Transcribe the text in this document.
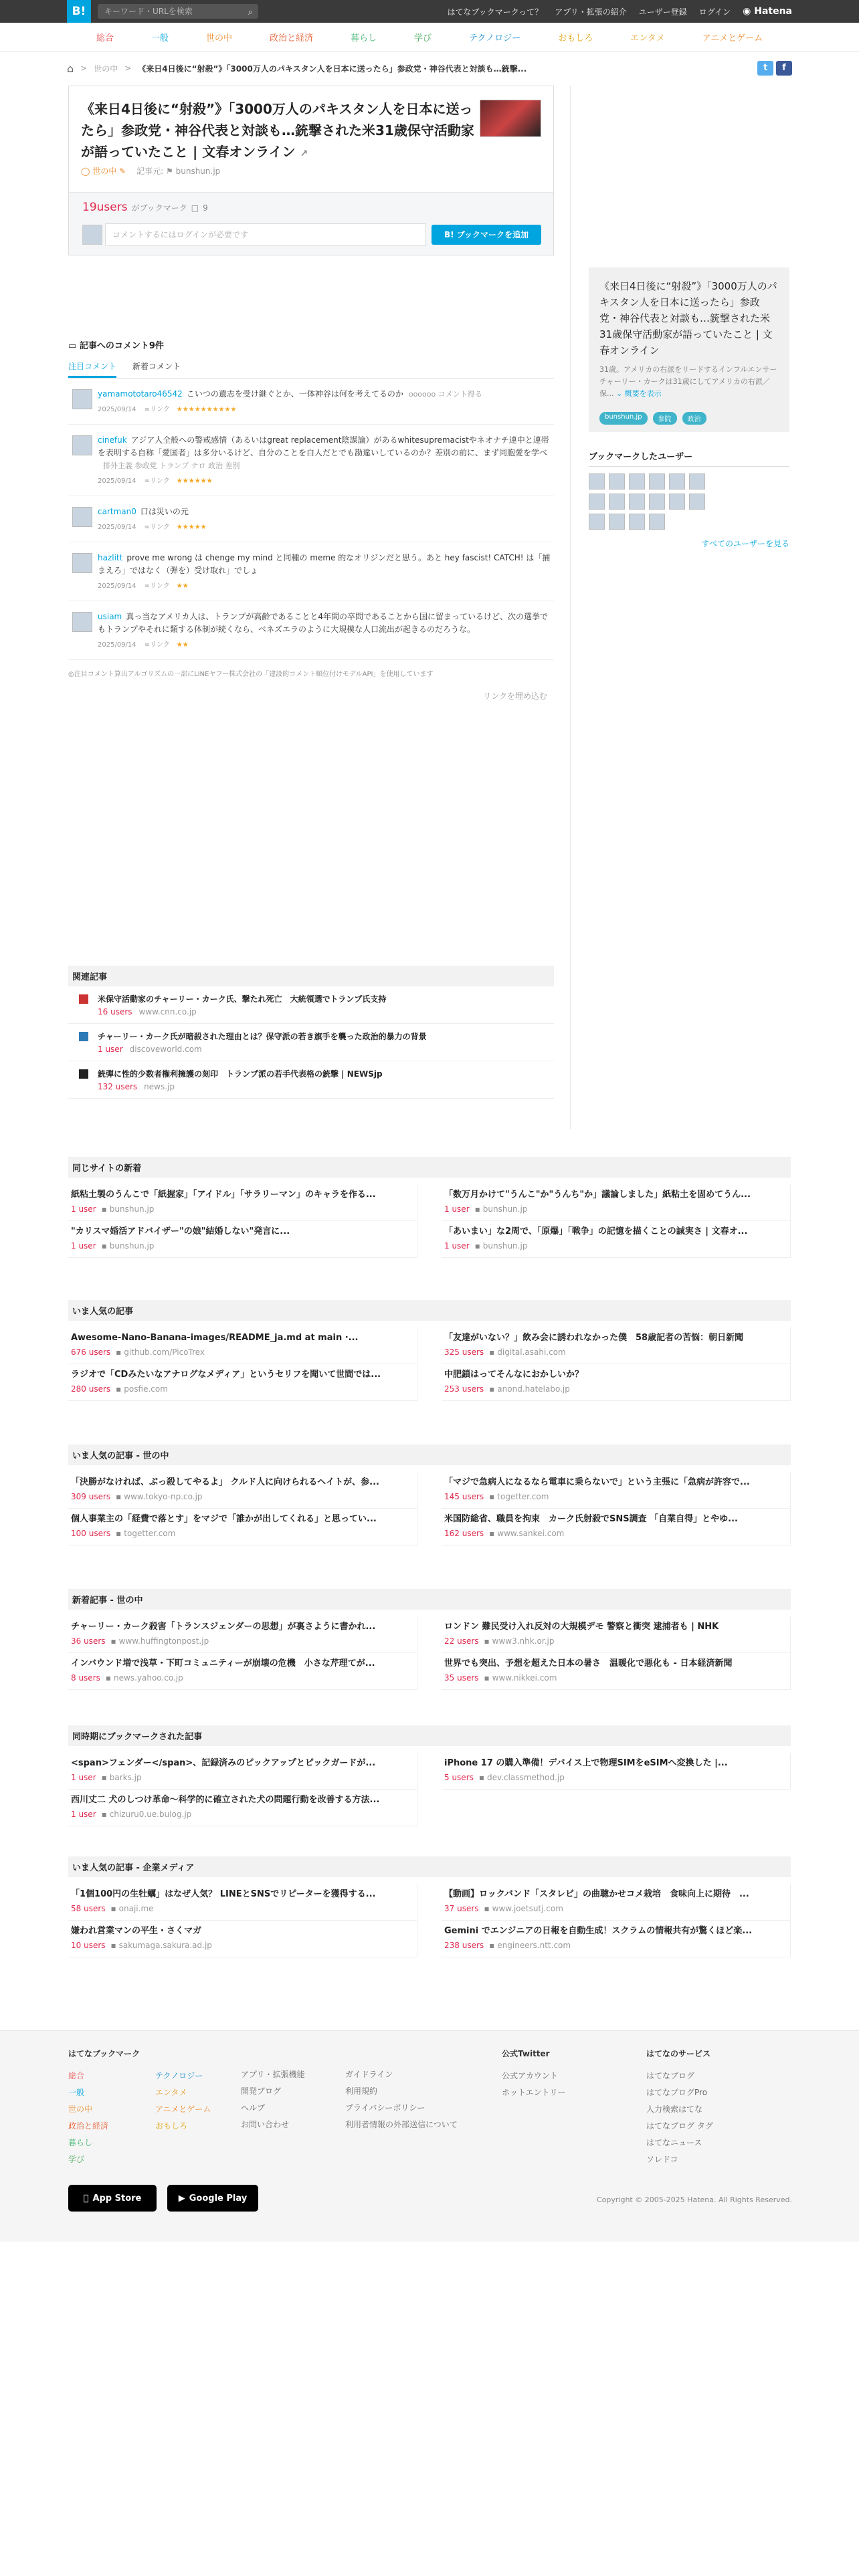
B!	キーワード・URLを検索	⌕	はてなブックマークって？ アプリ・拡張の紹介 ユーザー登録 ログイン ◉ Hatena
総合	一般	世の中	政治と経済	暮らし	学び	テクノロジー	おもしろ	エンタメ	アニメとゲーム
⌂ > 世の中 > 《来日4日後に“射殺”》「3000万人のパキスタン人を日本に送ったら」参政党・神谷代表と対談も…銃撃...	t f
《来日4日後に“射殺”》「3000万人のパキスタン人を日本に送ったら」参政党・神谷代表と対談も…銃撃された米31歳保守活動家が語っていたこと | 文春オンライン ↗
◯ 世の中 ✎ 記事元: ⚑ bunshun.jp
19users がブックマーク □ 9
コメントするにはログインが必要です	B! ブックマークを追加
《来日4日後に“射殺”》「3000万人のパキスタン人を日本に送ったら」参政党・神谷代表と対談も…銃撃された米31歳保守活動家が語っていたこと | 文春オンライン
31歳。アメリカの右派をリードするインフルエンサー チャーリー・カークは31歳にしてアメリカの右派／保... ⌄ 概要を表示
bunshun.jp	参院	政治
ブックマークしたユーザー
すべてのユーザーを見る
▭ 記事へのコメント9件
注目コメント 新着コメント
yamamototaro46542 こいつの遺志を受け継ぐとか、一体神谷は何を考えてるのか oooooo コメント得る
2025/09/14 ∞リンク ★★★★★★★★★★
cinefuk アジア人全般への警戒感情（あるいはgreat replacement陰謀論）があるwhitesupremacistやネオナチ連中と連帯を表明する自称「愛国者」は多分いるけど、自分のことを白人だとでも勘違いしているのか？差別の前に、まず同胞愛を学べ排外主義 参政党 トランプ テロ 政治 差別
2025/09/14 ∞リンク ★★★★★★
cartman0 口は災いの元
2025/09/14 ∞リンク ★★★★★
hazlitt prove me wrong は chenge my mind と同種の meme 的なオリジンだと思う。あと hey fascist! CATCH! は「捕まえろ」ではなく（弾を）受け取れ」でしょ
2025/09/14 ∞リンク ★★
usiam 真っ当なアメリカ人は、トランプが高齢であることと4年間の卒問であることから国に留まっているけど、次の選挙でもトランプやそれに類する体制が続くなら、ベネズエラのように大規模な人口流出が起きるのだろうな。
2025/09/14 ∞リンク ★★
◎注目コメント算出アルゴリズムの一部にLINEヤフー株式会社の「建設的コメント順位付けモデルAPI」を使用しています
リンクを埋め込む
関連記事
米保守活動家のチャーリー・カーク氏、撃たれ死亡　大統領選でトランプ氏支持
16 users www.cnn.co.jp
チャーリー・カーク氏が暗殺された理由とは？保守派の若き旗手を襲った政治的暴力の背景
1 user discoveworld.com
銃弾に性的少数者権利擁護の刻印　トランプ派の若手代表格の銃撃 | NEWSjp
132 users news.jp
同じサイトの新着
紙粘土製のうんこで「紙握家」「アイドル」「サラリーマン」のキャラを作る...
1 user ▪ bunshun.jp
「数万月かけて"うんこ"か"うんち"か」議論しました」紙粘土を固めてうん...
1 user ▪ bunshun.jp
"カリスマ婚活アドバイザー"の娘"結婚しない"発言に...
1 user ▪ bunshun.jp
「あいまい」な2周で、「原爆」「戦争」の記憶を描くことの誠実さ | 文春オ...
1 user ▪ bunshun.jp
いま人気の記事
Awesome-Nano-Banana-images/README_ja.md at main ·...
676 users ▪ github.com/PicoTrex
「友達がいない？」飲み会に誘われなかった僕　58歳記者の苦悩：朝日新聞
325 users ▪ digital.asahi.com
ラジオで「CDみたいなアナログなメディア」というセリフを聞いて世間では...
280 users ▪ posfie.com
中肥鎖はってそんなにおかしいか？
253 users ▪ anond.hatelabo.jp
いま人気の記事 - 世の中
「決勝がなければ、ぶっ殺してやるよ」 クルド人に向けられるヘイトが、参...
309 users ▪ www.tokyo-np.co.jp
「マジで急病人になるなら電車に乗らないで」という主張に「急病が許容で...
145 users ▪ togetter.com
個人事業主の「経費で落とす」をマジで「誰かが出してくれる」と思ってい...
100 users ▪ togetter.com
米国防総省、職員を拘束　カーク氏射殺でSNS調査 「自業自得」とやゆ...
162 users ▪ www.sankei.com
新着記事 - 世の中
チャーリー・カーク殺害「トランスジェンダーの思想」が裏さように書かれ...
36 users ▪ www.huffingtonpost.jp
ロンドン 難民受け入れ反対の大規模デモ 警察と衝突 逮捕者も | NHK
22 users ▪ www3.nhk.or.jp
インバウンド増で浅草・下町コミュニティーが崩壊の危機　小さな芹理てが...
8 users ▪ news.yahoo.co.jp
世界でも突出、予想を超えた日本の暑さ　温暖化で悪化も - 日本経済新聞
35 users ▪ www.nikkei.com
同時期にブックマークされた記事
<span>フェンダー</span>、記録済みのピックアップとピックガードが...
1 user ▪ barks.jp
iPhone 17 の購入準備！デバイス上で物理SIMをeSIMへ変換した |...
5 users ▪ dev.classmethod.jp
西川丈二 犬のしつけ革命〜科学的に確立された犬の問題行動を改善する方法...
1 user ▪ chizuru0.ue.bulog.jp
いま人気の記事 - 企業メディア
「1個100円の生牡蠣」はなぜ人気？ LINEとSNSでリピーターを獲得する...
58 users ▪ onaji.me
【動画】ロックバンド「スタレビ」の曲聴かせコメ栽培　食味向上に期待　...
37 users ▪ www.joetsutj.com
嫌われ営業マンの平生・さくマガ
10 users ▪ sakumaga.sakura.ad.jp
Gemini でエンジニアの日報を自動生成！スクラムの情報共有が驚くほど楽...
238 users ▪ engineers.ntt.com
はてなブックマーク
総合
一般
世の中
政治と経済
暮らし
学び
テクノロジー
エンタメ
アニメとゲーム
おもしろ
アプリ・拡張機能
開発ブログ
ヘルプ
お問い合わせ
ガイドライン
利用規約
プライバシーポリシー
利用者情報の外部送信について
公式Twitter
公式アカウント
ホットエントリー
はてなのサービス
はてなブログ
はてなブログPro
人力検索はてな
はてなブログ タグ
はてなニュース
ソレドコ
App Store	▶ Google Play	Copyright © 2005-2025 Hatena. All Rights Reserved.
